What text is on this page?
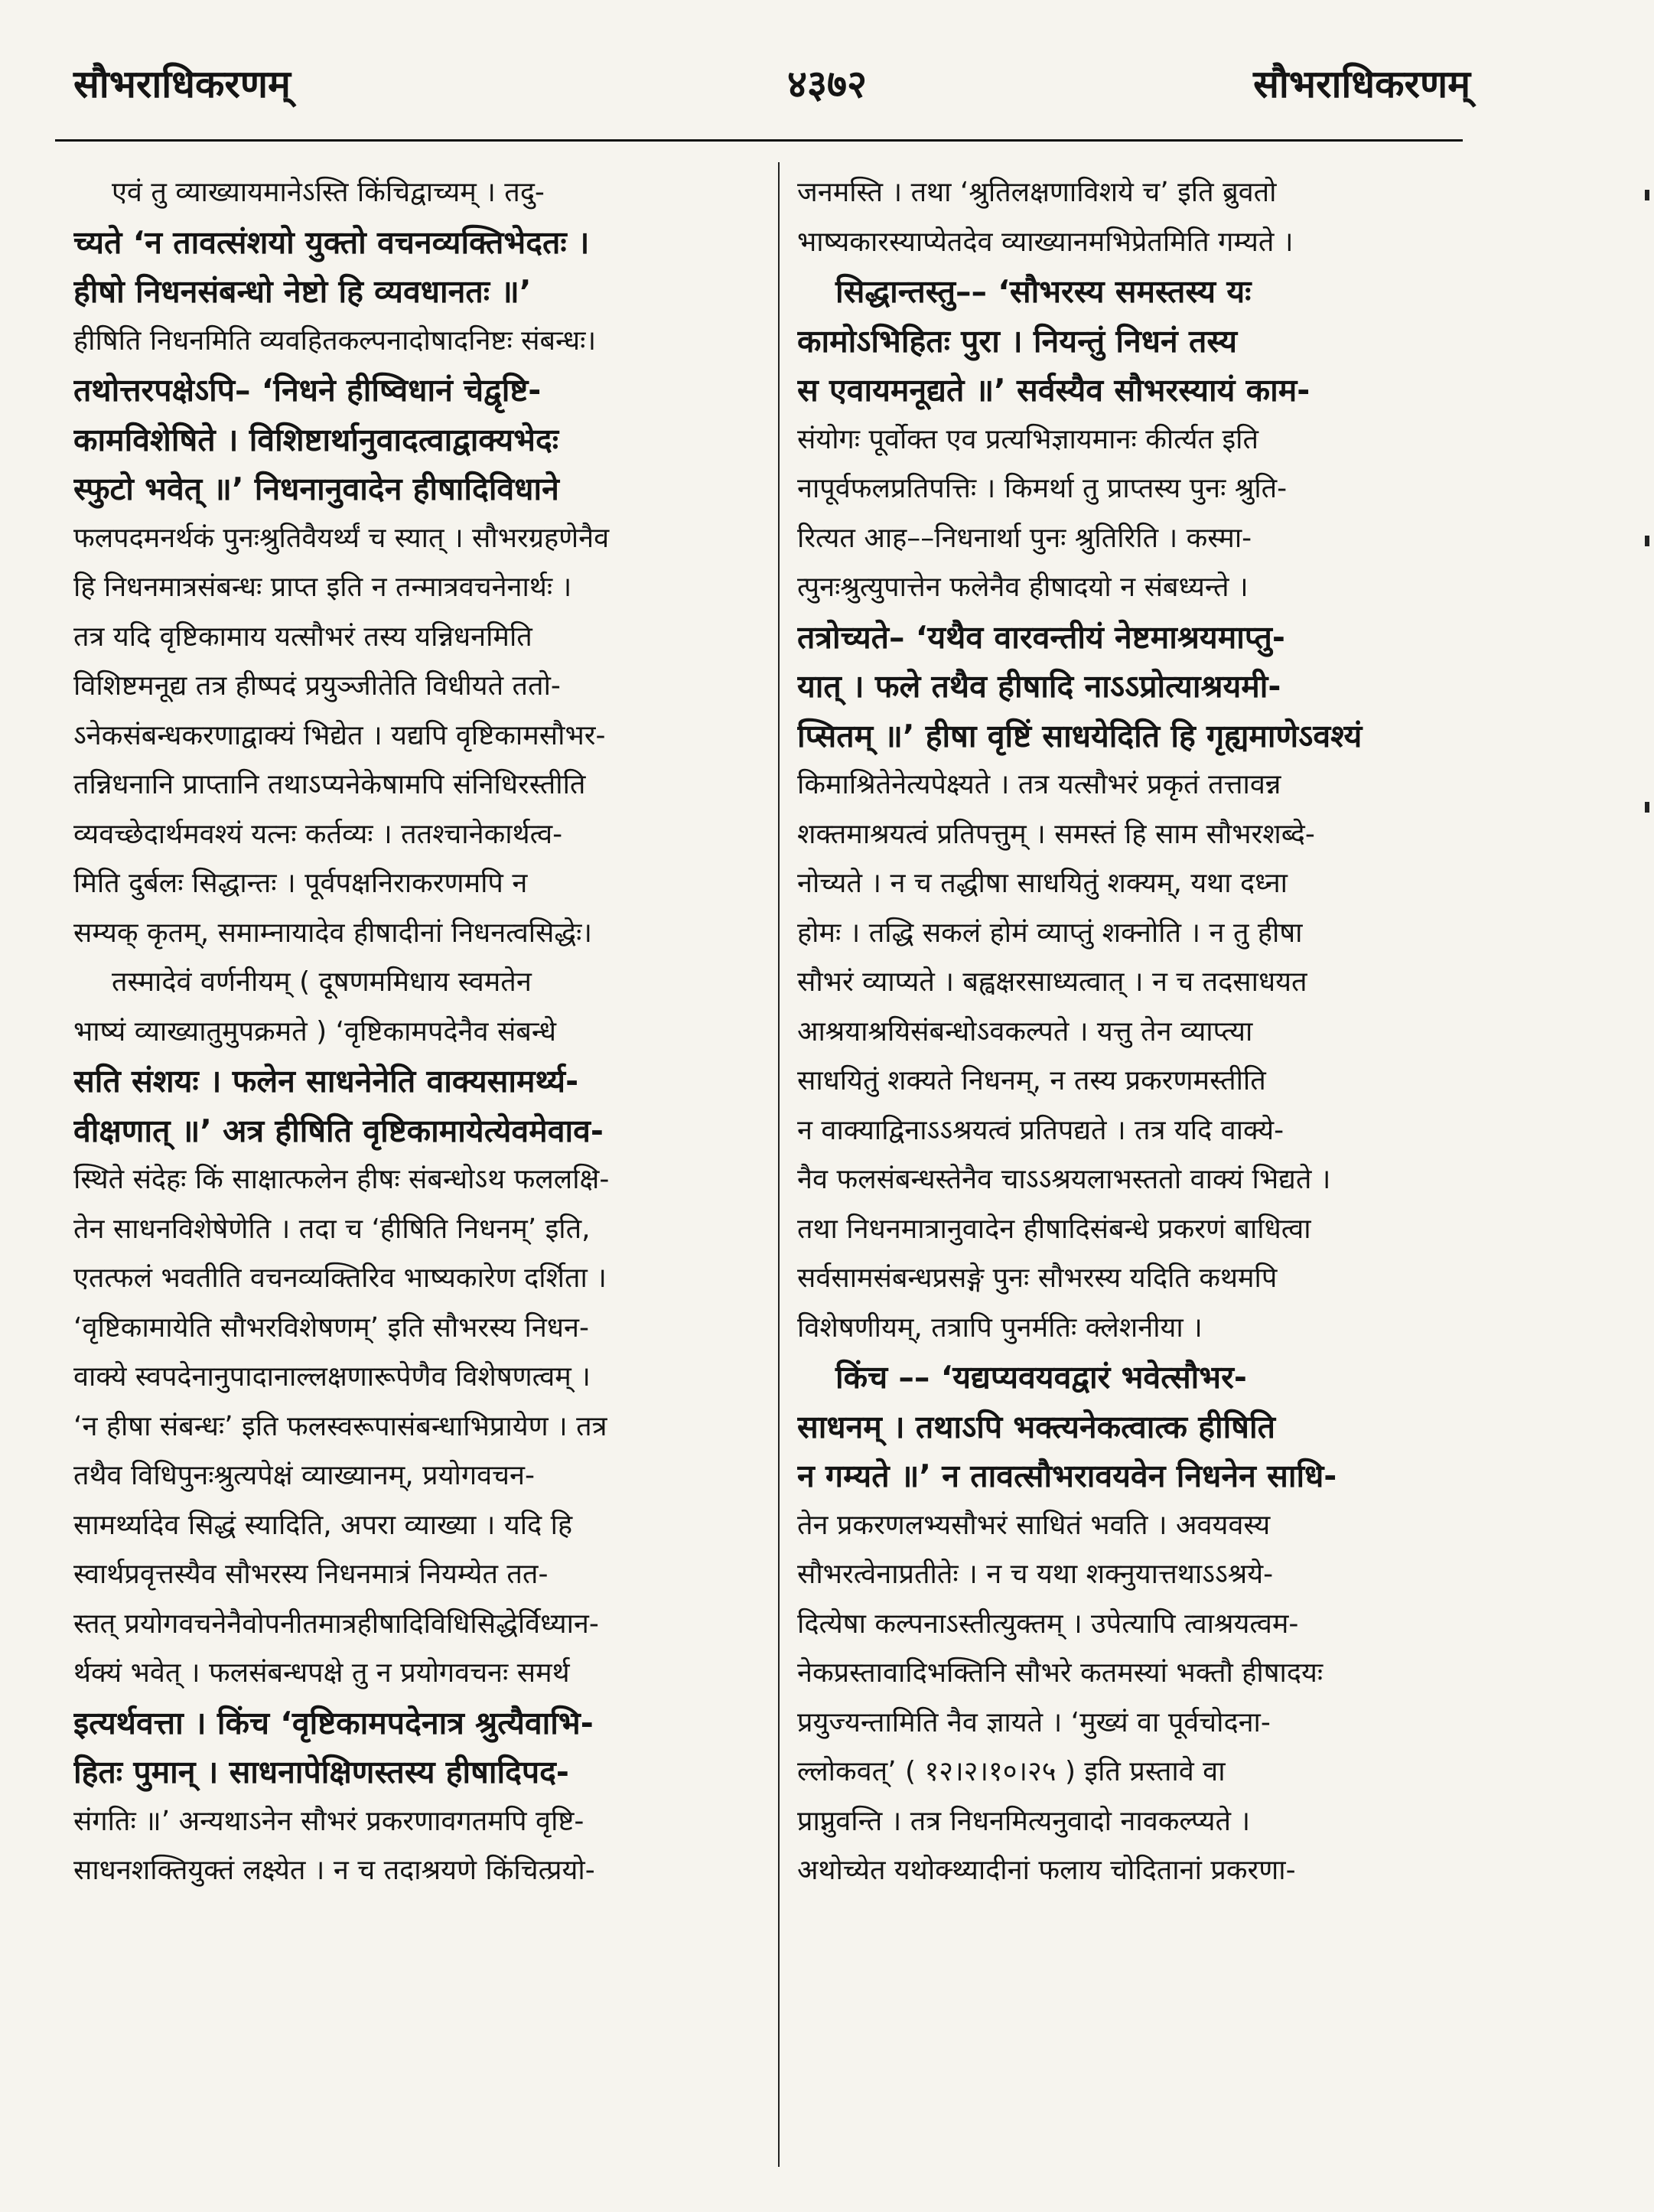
सौभराधिकरणम्	४३७२	सौभराधिकरणम्
एवं तु व्याख्यायमानेऽस्ति किंचिद्वाच्यम् । तदु-
च्यते ‘न तावत्संशयो युक्तो वचनव्यक्तिभेदतः ।
हीषो निधनसंबन्धो नेष्टो हि व्यवधानतः ॥’
हीषिति निधनमिति व्यवहितकल्पनादोषादनिष्टः संबन्धः।
तथोत्तरपक्षेऽपि– ‘निधने हीष्विधानं चेद्वृष्टि-
कामविशेषिते । विशिष्टार्थानुवादत्वाद्वाक्यभेदः
स्फुटो भवेत् ॥’ निधनानुवादेन हीषादिविधाने
फलपदमनर्थकं पुनःश्रुतिवैयर्थ्यं च स्यात् । सौभरग्रहणेनैव
हि निधनमात्रसंबन्धः प्राप्त इति न तन्मात्रवचनेनार्थः ।
तत्र यदि वृष्टिकामाय यत्सौभरं तस्य यन्निधनमिति
विशिष्टमनूद्य तत्र हीष्पदं प्रयुञ्जीतेति विधीयते ततो-
ऽनेकसंबन्धकरणाद्वाक्यं भिद्येत । यद्यपि वृष्टिकामसौभर-
तन्निधनानि प्राप्तानि तथाऽप्यनेकेषामपि संनिधिरस्तीति
व्यवच्छेदार्थमवश्यं यत्नः कर्तव्यः । ततश्चानेकार्थत्व-
मिति दुर्बलः सिद्धान्तः । पूर्वपक्षनिराकरणमपि न
सम्यक् कृतम्, समाम्नायादेव हीषादीनां निधनत्वसिद्धेः।
तस्मादेवं वर्णनीयम् ( दूषणममिधाय स्वमतेन
भाष्यं व्याख्यातुमुपक्रमते ) ‘वृष्टिकामपदेनैव संबन्धे
सति संशयः । फलेन साधनेनेति वाक्यसामर्थ्य-
वीक्षणात् ॥’ अत्र हीषिति वृष्टिकामायेत्येवमेवाव-
स्थिते संदेहः किं साक्षात्फलेन हीषः संबन्धोऽथ फललक्षि-
तेन साधनविशेषेणेति । तदा च ‘हीषिति निधनम्’ इति,
एतत्फलं भवतीति वचनव्यक्तिरिव भाष्यकारेण दर्शिता ।
‘वृष्टिकामायेति सौभरविशेषणम्’ इति सौभरस्य निधन-
वाक्ये स्वपदेनानुपादानाल्लक्षणारूपेणैव विशेषणत्वम् ।
‘न हीषा संबन्धः’ इति फलस्वरूपासंबन्धाभिप्रायेण । तत्र
तथैव विधिपुनःश्रुत्यपेक्षं व्याख्यानम्, प्रयोगवचन-
सामर्थ्यादेव सिद्धं स्यादिति, अपरा व्याख्या । यदि हि
स्वार्थप्रवृत्तस्यैव सौभरस्य निधनमात्रं नियम्येत तत-
स्तत् प्रयोगवचनेनैवोपनीतमात्रहीषादिविधिसिद्धेर्विध्यान-
र्थक्यं भवेत् । फलसंबन्धपक्षे तु न प्रयोगवचनः समर्थ
इत्यर्थवत्ता । किंच ‘वृष्टिकामपदेनात्र श्रुत्यैवाभि-
हितः पुमान् । साधनापेक्षिणस्तस्य हीषादिपद-
संगतिः ॥’ अन्यथाऽनेन सौभरं प्रकरणावगतमपि वृष्टि-
साधनशक्तियुक्तं लक्ष्येत । न च तदाश्रयणे किंचित्प्रयो-
जनमस्ति । तथा ‘श्रुतिलक्षणाविशये च’ इति ब्रुवतो
भाष्यकारस्याप्येतदेव व्याख्यानमभिप्रेतमिति गम्यते ।
सिद्धान्तस्तु–– ‘सौभरस्य समस्तस्य यः
कामोऽभिहितः पुरा । नियन्तुं निधनं तस्य
स एवायमनूद्यते ॥’ सर्वस्यैव सौभरस्यायं काम-
संयोगः पूर्वोक्त एव प्रत्यभिज्ञायमानः कीर्त्यत इति
नापूर्वफलप्रतिपत्तिः । किमर्था तु प्राप्तस्य पुनः श्रुति-
रित्यत आह––निधनार्था पुनः श्रुतिरिति । कस्मा-
त्पुनःश्रुत्युपात्तेन फलेनैव हीषादयो न संबध्यन्ते ।
तत्रोच्यते– ‘यथैव वारवन्तीयं नेष्टमाश्रयमाप्तु-
यात् । फले तथैव हीषादि नाऽऽप्रोत्याश्रयमी-
प्सितम् ॥’ हीषा वृष्टिं साधयेदिति हि गृह्यमाणेऽवश्यं
किमाश्रितेनेत्यपेक्ष्यते । तत्र यत्सौभरं प्रकृतं तत्तावन्न
शक्तमाश्रयत्वं प्रतिपत्तुम् । समस्तं हि साम सौभरशब्दे-
नोच्यते । न च तद्धीषा साधयितुं शक्यम्, यथा दध्ना
होमः । तद्धि सकलं होमं व्याप्तुं शक्नोति । न तु हीषा
सौभरं व्याप्यते । बह्वक्षरसाध्यत्वात् । न च तदसाधयत
आश्रयाश्रयिसंबन्धोऽवकल्पते । यत्तु तेन व्याप्त्या
साधयितुं शक्यते निधनम्, न तस्य प्रकरणमस्तीति
न वाक्याद्विनाऽऽश्रयत्वं प्रतिपद्यते । तत्र यदि वाक्ये-
नैव फलसंबन्धस्तेनैव चाऽऽश्रयलाभस्ततो वाक्यं भिद्यते ।
तथा निधनमात्रानुवादेन हीषादिसंबन्धे प्रकरणं बाधित्वा
सर्वसामसंबन्धप्रसङ्गे पुनः सौभरस्य यदिति कथमपि
विशेषणीयम्, तत्रापि पुनर्मतिः क्लेशनीया ।
किंच –– ‘यद्यप्यवयवद्वारं भवेत्सौभर-
साधनम् । तथाऽपि भक्त्यनेकत्वात्क हीषिति
न गम्यते ॥’ न तावत्सौभरावयवेन निधनेन साधि-
तेन प्रकरणलभ्यसौभरं साधितं भवति । अवयवस्य
सौभरत्वेनाप्रतीतेः । न च यथा शक्नुयात्तथाऽऽश्रये-
दित्येषा कल्पनाऽस्तीत्युक्तम् । उपेत्यापि त्वाश्रयत्वम-
नेकप्रस्तावादिभक्तिनि सौभरे कतमस्यां भक्तौ हीषादयः
प्रयुज्यन्तामिति नैव ज्ञायते । ‘मुख्यं वा पूर्वचोदना-
ल्लोकवत्’ ( १२।२।१०।२५ ) इति प्रस्तावे वा
प्राप्नुवन्ति । तत्र निधनमित्यनुवादो नावकल्प्यते ।
अथोच्येत यथोक्थ्यादीनां फलाय चोदितानां प्रकरणा-
